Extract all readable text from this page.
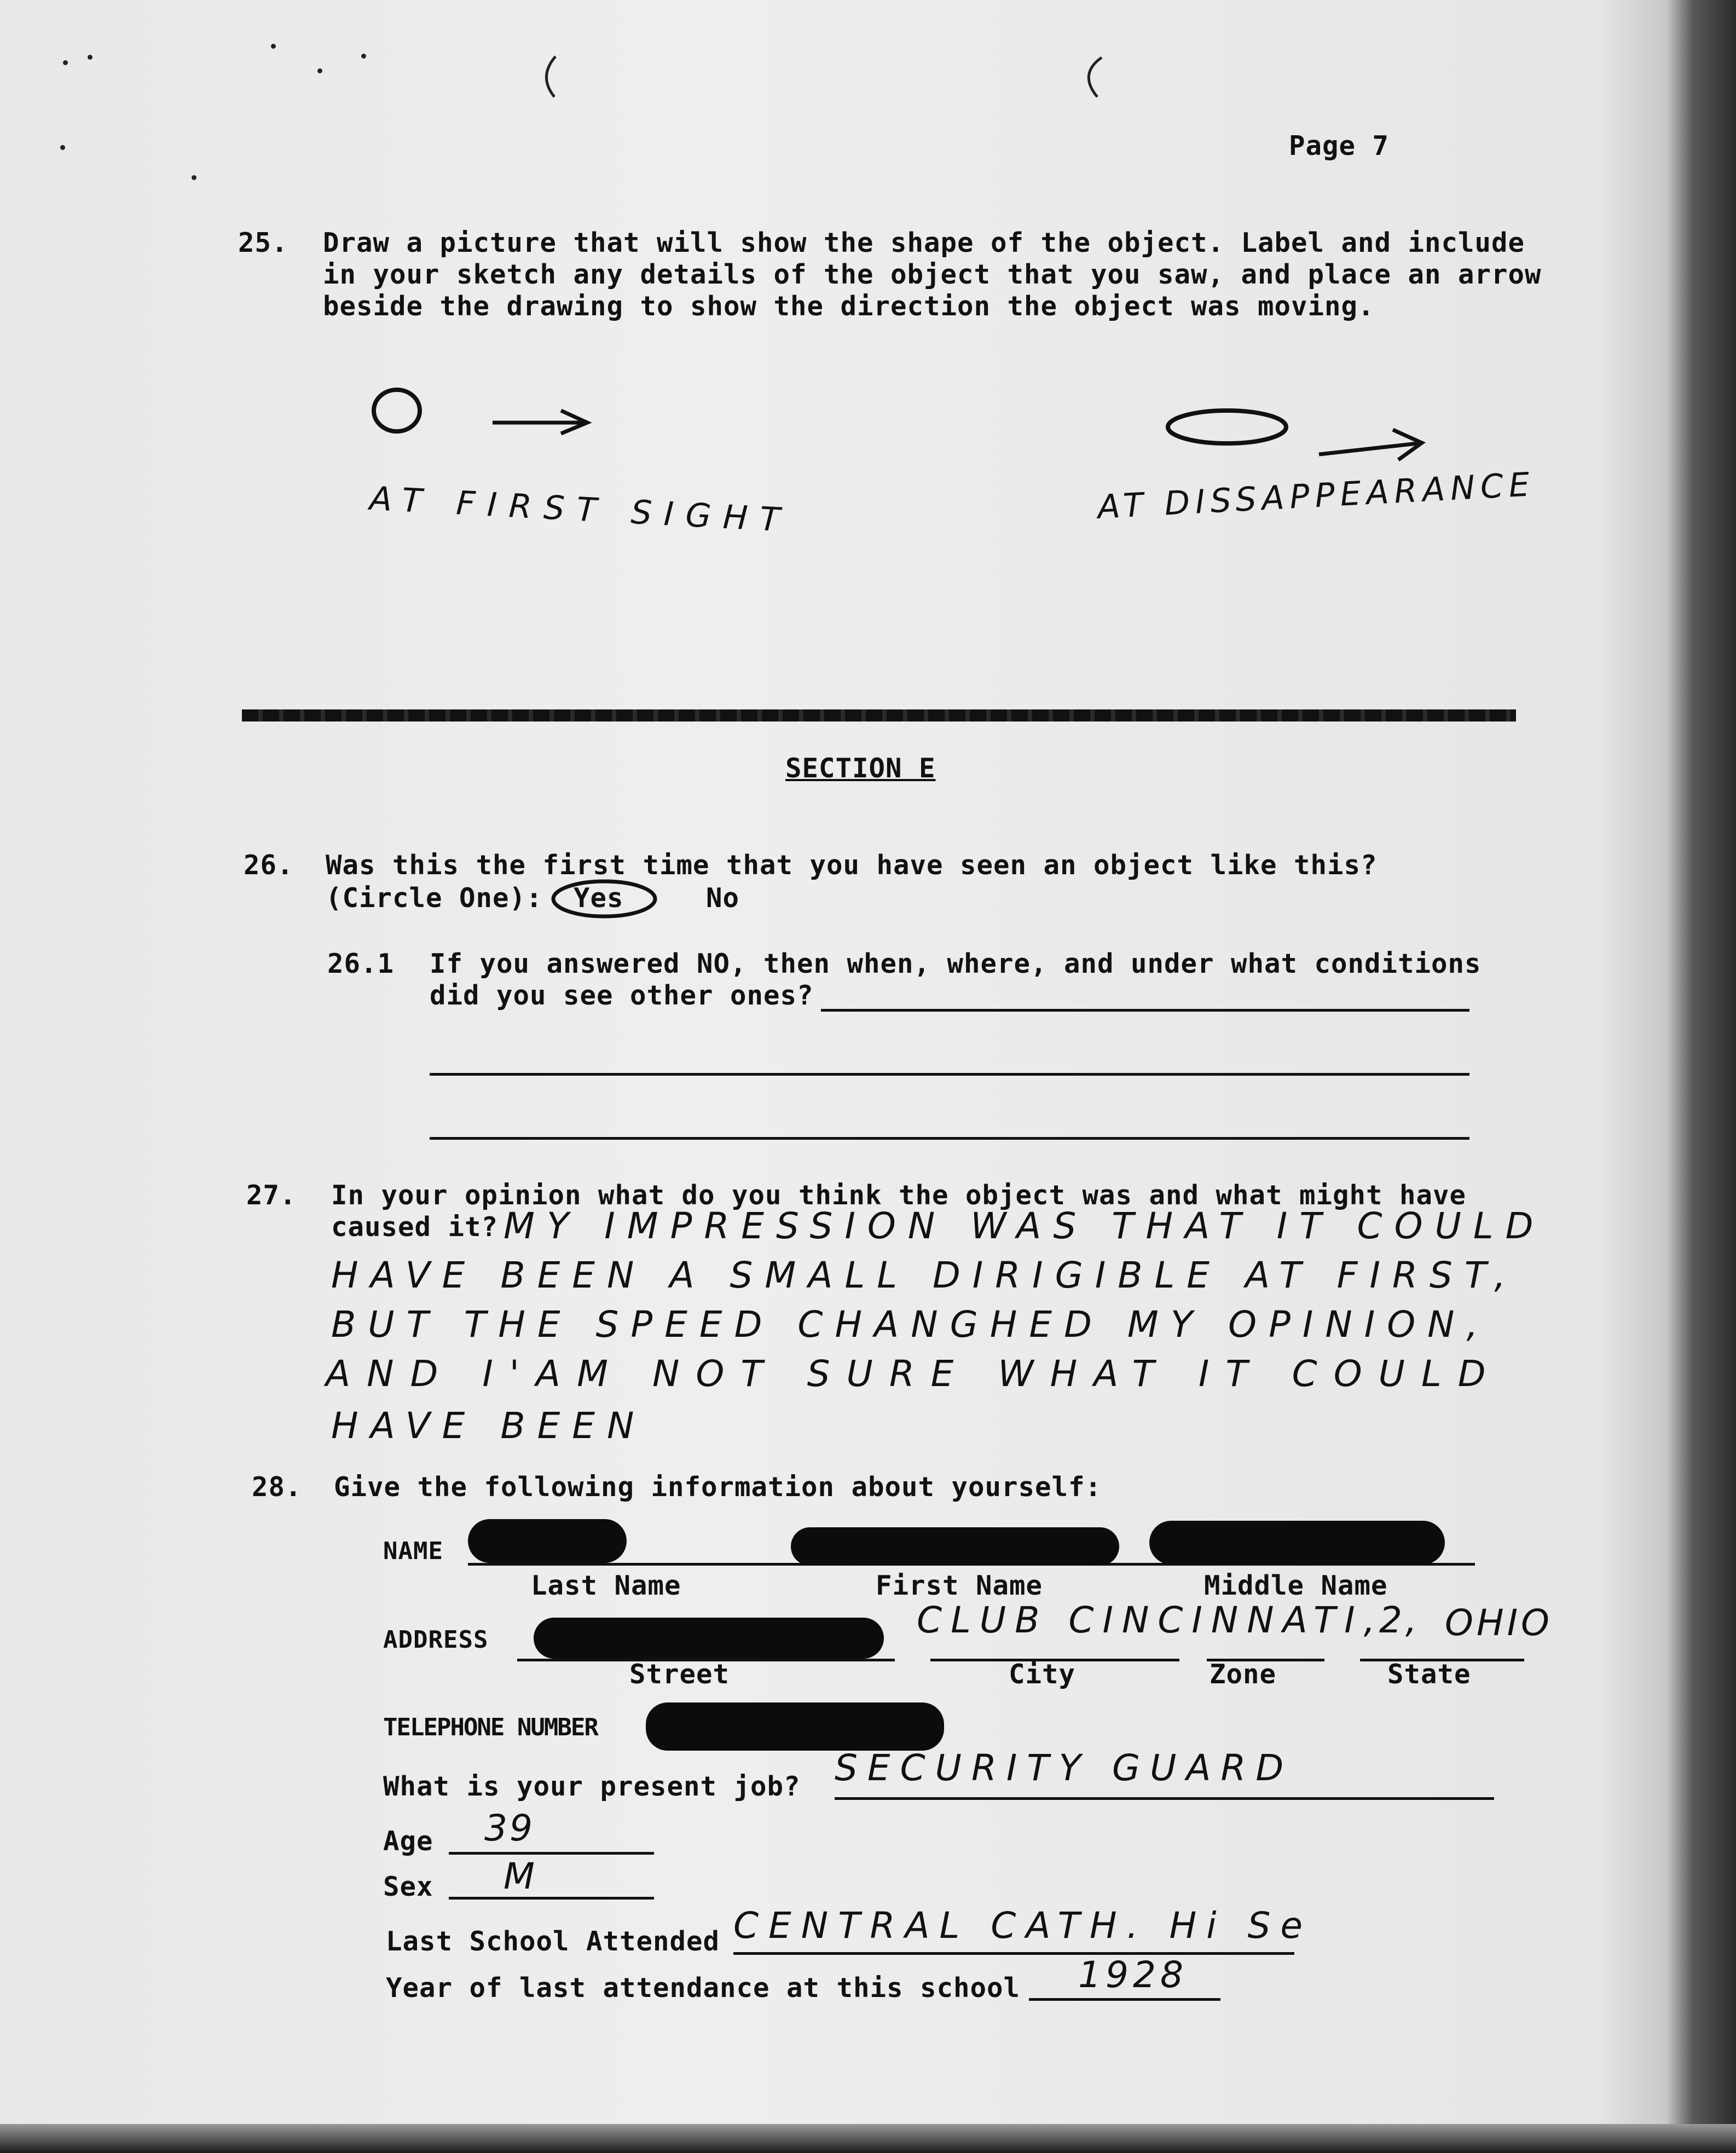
Page 7
25. Draw a picture that will show the shape of the object. Label and include
in your sketch any details of the object that you saw, and place an arrow
beside the drawing to show the direction the object was moving.
AT FIRST SIGHT	AT DISSAPPEARANCE
SECTION E
26. Was this the first time that you have seen an object like this?
(Circle One): Yes	No
26.1 If you answered NO, then when, where, and under what conditions
did you see other ones?
27. In your opinion what do you think the object was and what might have
caused it? MY IMPRESSION WAS THAT IT COULD
HAVE BEEN A SMALL DIRIGIBLE AT FIRST,
BUT THE SPEED CHANGHED MY OPINION,
AND I'AM NOT SURE WHAT IT COULD
HAVE BEEN
28. Give the following information about yourself:
NAME
Last Name	First Name	Middle Name
ADDRESS	CLUB CINCINNATI,
2, OHIO
Street	City	Zone	State
TELEPHONE NUMBER
What is your present job? SECURITY GUARD
Age 39
Sex M
Last School Attended CENTRAL CATH. Hi Se
Year of last attendance at this school 1928
